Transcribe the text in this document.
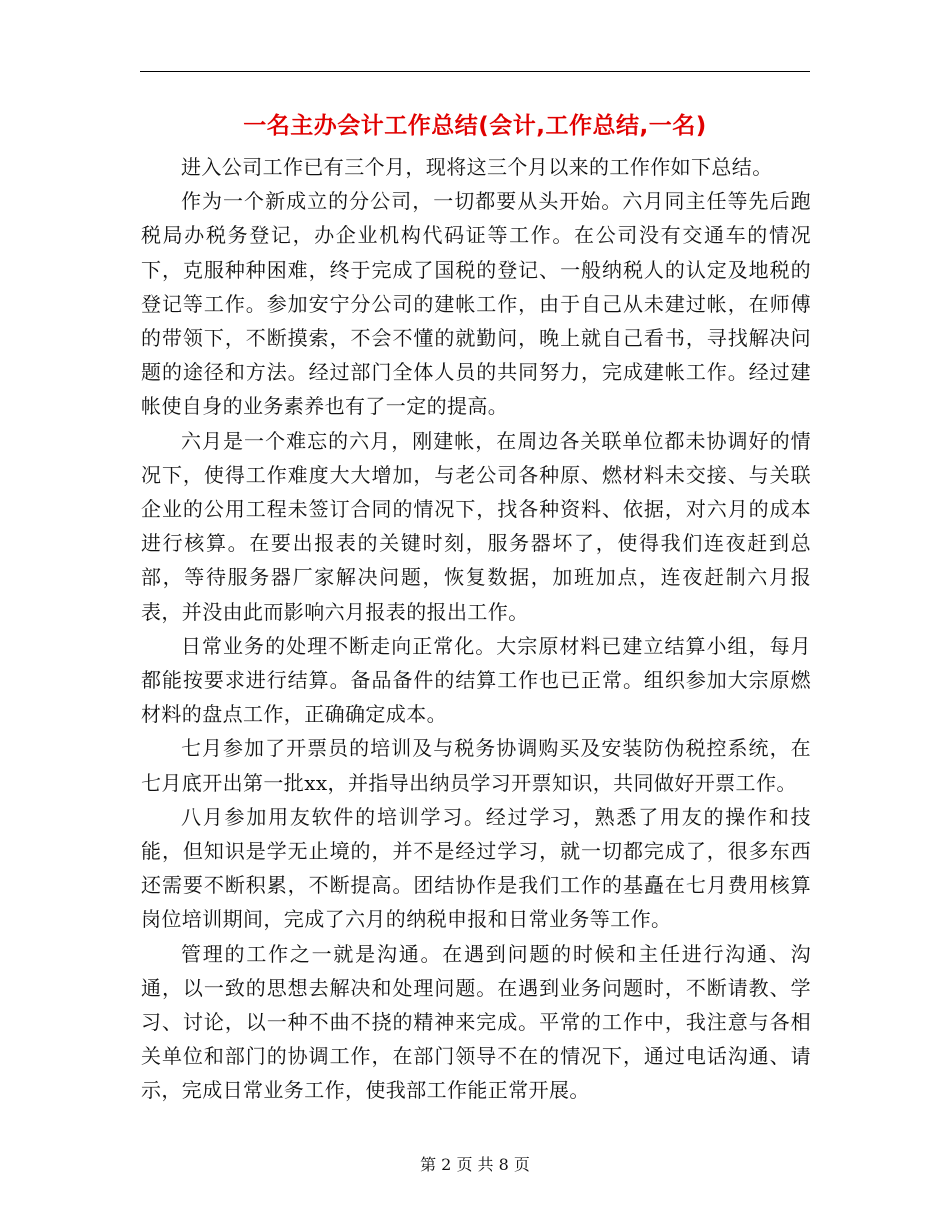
一名主办会计工作总结(会计,工作总结,一名)

进入公司工作已有三个月，现将这三个月以来的工作作如下总结。

作为一个新成立的分公司，一切都要从头开始。六月同主任等先后跑税局办税务登记，办企业机构代码证等工作。在公司没有交通车的情况下，克服种种困难，终于完成了国税的登记、一般纳税人的认定及地税的登记等工作。参加安宁分公司的建帐工作，由于自己从未建过帐，在师傅的带领下，不断摸索，不会不懂的就勤问，晚上就自己看书，寻找解决问题的途径和方法。经过部门全体人员的共同努力，完成建帐工作。经过建帐使自身的业务素养也有了一定的提高。

六月是一个难忘的六月，刚建帐，在周边各关联单位都未协调好的情况下，使得工作难度大大增加，与老公司各种原、燃材料未交接、与关联企业的公用工程未签订合同的情况下，找各种资料、依据，对六月的成本进行核算。在要出报表的关键时刻，服务器坏了，使得我们连夜赶到总部，等待服务器厂家解决问题，恢复数据，加班加点，连夜赶制六月报表，并没由此而影响六月报表的报出工作。

日常业务的处理不断走向正常化。大宗原材料已建立结算小组，每月都能按要求进行结算。备品备件的结算工作也已正常。组织参加大宗原燃材料的盘点工作，正确确定成本。

七月参加了开票员的培训及与税务协调购买及安装防伪税控系统，在七月底开出第一批xx，并指导出纳员学习开票知识，共同做好开票工作。

八月参加用友软件的培训学习。经过学习，熟悉了用友的操作和技能，但知识是学无止境的，并不是经过学习，就一切都完成了，很多东西还需要不断积累，不断提高。团结协作是我们工作的基矗在七月费用核算岗位培训期间，完成了六月的纳税申报和日常业务等工作。

管理的工作之一就是沟通。在遇到问题的时候和主任进行沟通、沟通，以一致的思想去解决和处理问题。在遇到业务问题时，不断请教、学习、讨论，以一种不曲不挠的精神来完成。平常的工作中，我注意与各相关单位和部门的协调工作，在部门领导不在的情况下，通过电话沟通、请示，完成日常业务工作，使我部工作能正常开展。

第 2 页 共 8 页
